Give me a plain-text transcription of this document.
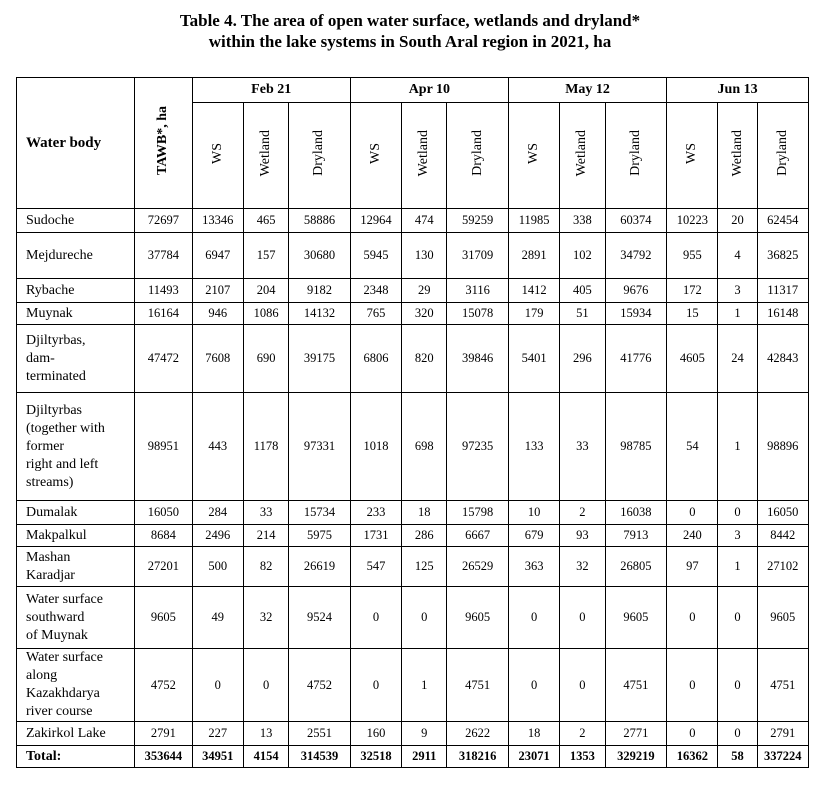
Table 4. The area of open water surface, wetlands and dryland*
within the lake systems in South Aral region in 2021, ha
Water body	TAWB*, ha	Feb 21			Apr 10			May 12			Jun 13		
		WS	Wetland	Dryland	WS	Wetland	Dryland	WS	Wetland	Dryland	WS	Wetland	Dryland
Sudoche	72697	13346	465	58886	12964	474	59259	11985	338	60374	10223	20	62454
Mejdureche	37784	6947	157	30680	5945	130	31709	2891	102	34792	955	4	36825
Rybache	11493	2107	204	9182	2348	29	3116	1412	405	9676	172	3	11317
Muynak	16164	946	1086	14132	765	320	15078	179	51	15934	15	1	16148
Djiltyrbas,
dam-
terminated	47472	7608	690	39175	6806	820	39846	5401	296	41776	4605	24	42843
Djiltyrbas
(together with
former
right and left
streams)	98951	443	1178	97331	1018	698	97235	133	33	98785	54	1	98896
Dumalak	16050	284	33	15734	233	18	15798	10	2	16038	0	0	16050
Makpalkul	8684	2496	214	5975	1731	286	6667	679	93	7913	240	3	8442
Mashan
Karadjar	27201	500	82	26619	547	125	26529	363	32	26805	97	1	27102
Water surface
southward
of Muynak	9605	49	32	9524	0	0	9605	0	0	9605	0	0	9605
Water surface
along
Kazakhdarya
river course	4752	0	0	4752	0	1	4751	0	0	4751	0	0	4751
Zakirkol Lake	2791	227	13	2551	160	9	2622	18	2	2771	0	0	2791
Total:	353644	34951	4154	314539	32518	2911	318216	23071	1353	329219	16362	58	337224
